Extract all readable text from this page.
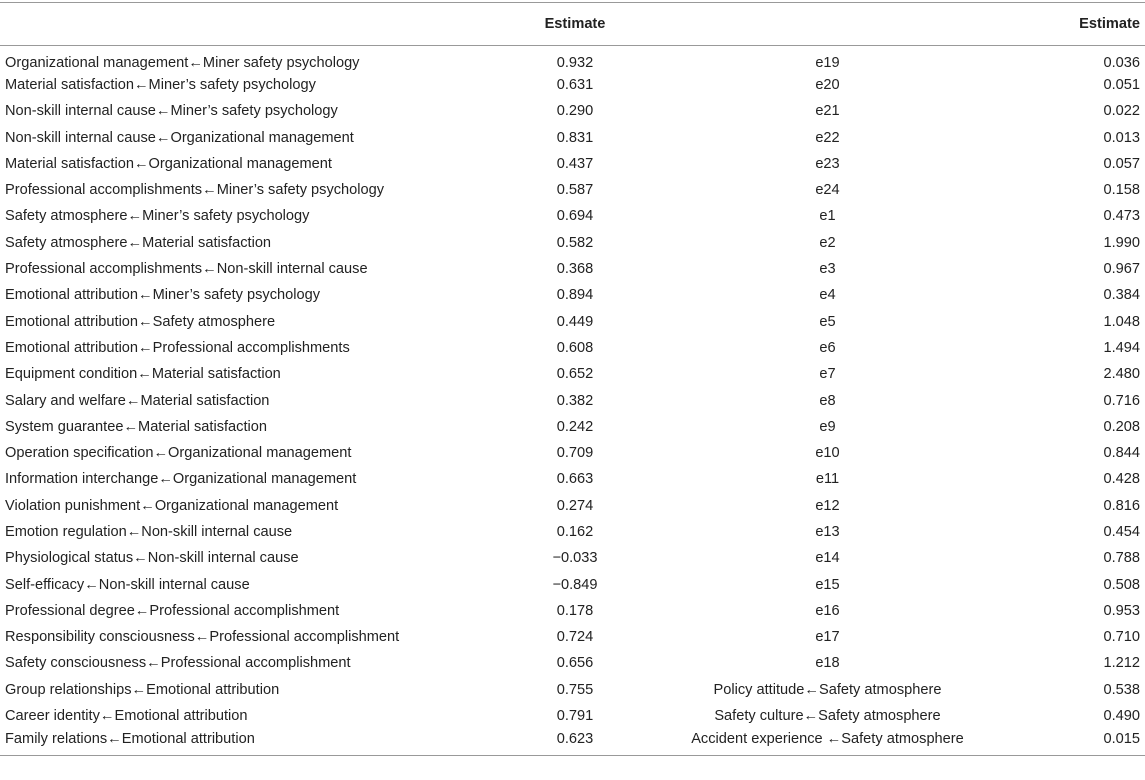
	Estimate		Estimate
Organizational management←Miner safety psychology	0.932	e19	0.036
Material satisfaction←Miner’s safety psychology	0.631	e20	0.051
Non-skill internal cause←Miner’s safety psychology	0.290	e21	0.022
Non-skill internal cause←Organizational management	0.831	e22	0.013
Material satisfaction←Organizational management	0.437	e23	0.057
Professional accomplishments←Miner’s safety psychology	0.587	e24	0.158
Safety atmosphere←Miner’s safety psychology	0.694	e1	0.473
Safety atmosphere←Material satisfaction	0.582	e2	1.990
Professional accomplishments←Non-skill internal cause	0.368	e3	0.967
Emotional attribution←Miner’s safety psychology	0.894	e4	0.384
Emotional attribution←Safety atmosphere	0.449	e5	1.048
Emotional attribution←Professional accomplishments	0.608	e6	1.494
Equipment condition←Material satisfaction	0.652	e7	2.480
Salary and welfare←Material satisfaction	0.382	e8	0.716
System guarantee←Material satisfaction	0.242	e9	0.208
Operation specification←Organizational management	0.709	e10	0.844
Information interchange←Organizational management	0.663	e11	0.428
Violation punishment←Organizational management	0.274	e12	0.816
Emotion regulation←Non-skill internal cause	0.162	e13	0.454
Physiological status←Non-skill internal cause	−0.033	e14	0.788
Self-efficacy←Non-skill internal cause	−0.849	e15	0.508
Professional degree←Professional accomplishment	0.178	e16	0.953
Responsibility consciousness←Professional accomplishment	0.724	e17	0.710
Safety consciousness←Professional accomplishment	0.656	e18	1.212
Group relationships←Emotional attribution	0.755	Policy attitude←Safety atmosphere	0.538
Career identity←Emotional attribution	0.791	Safety culture←Safety atmosphere	0.490
Family relations←Emotional attribution	0.623	Accident experience ←Safety atmosphere	0.015
